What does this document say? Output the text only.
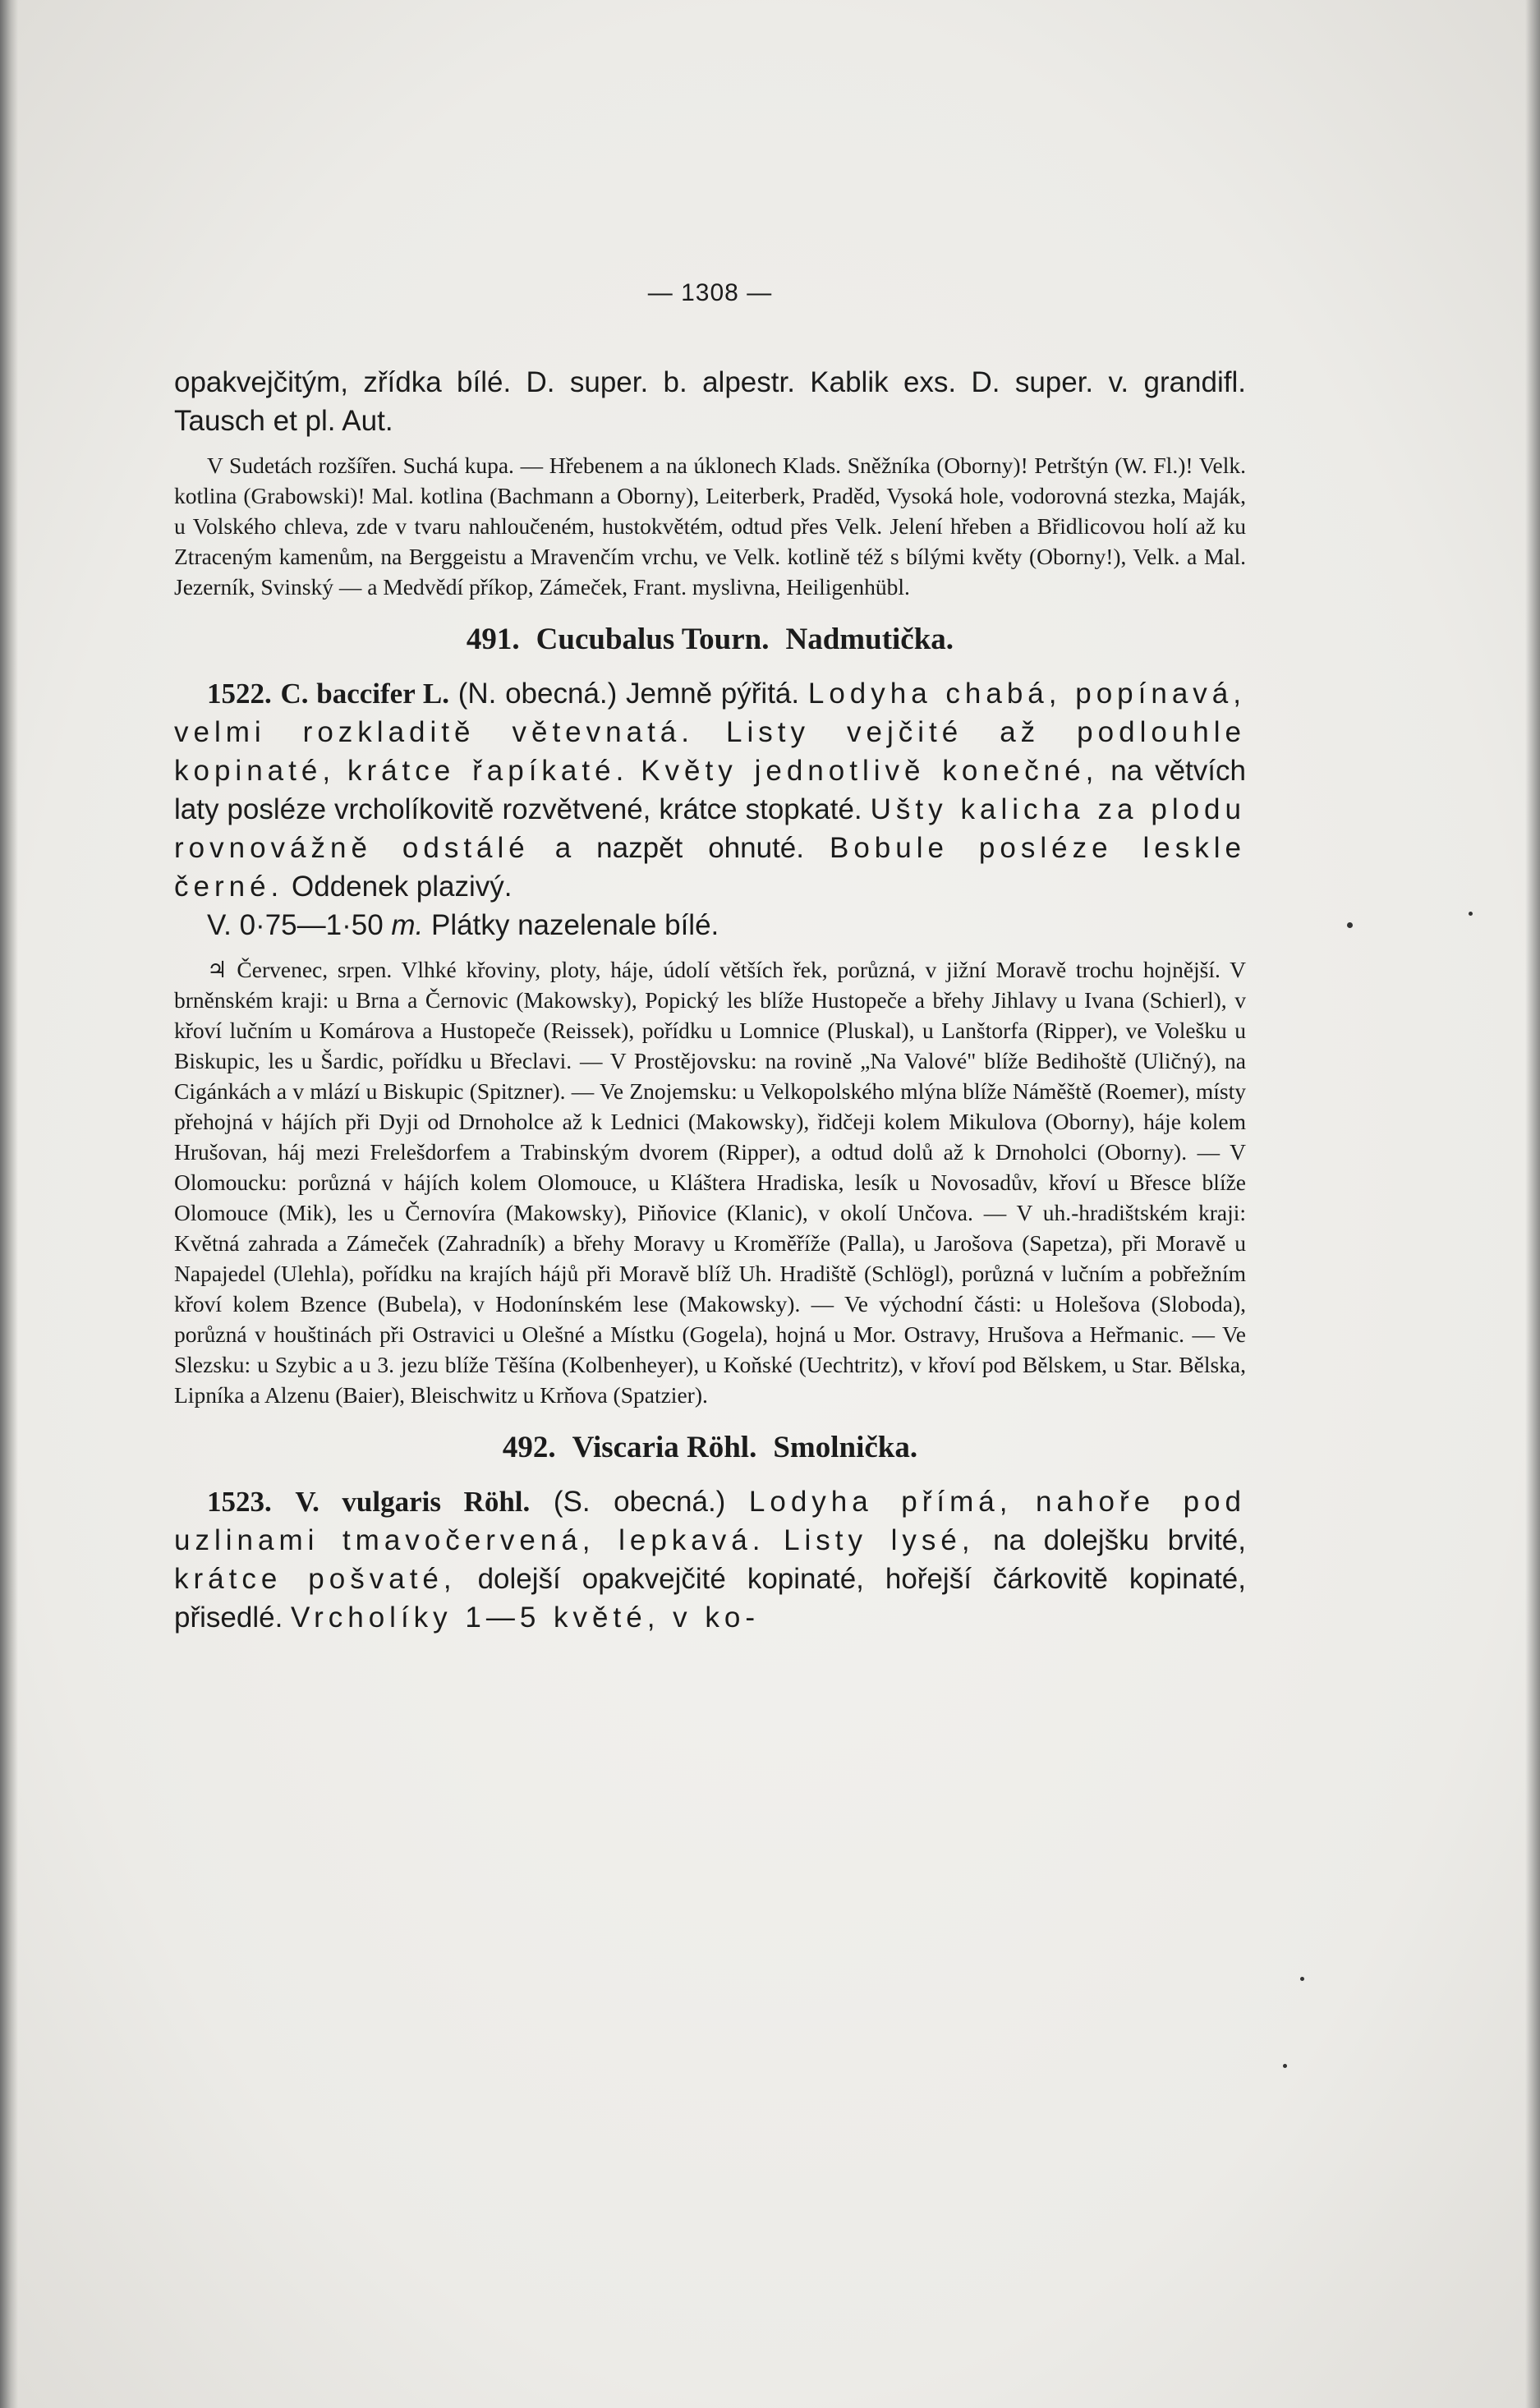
— 1308 —

opakvejčitým, zřídka bílé. D. super. b. alpestr. Kablik exs. D. super. v. grandifl. Tausch et pl. Aut.

V Sudetách rozšířen. Suchá kupa. — Hřebenem a na úklonech Klads. Sněžníka (Oborny)! Petrštýn (W. Fl.)! Velk. kotlina (Grabowski)! Mal. kotlina (Bachmann a Oborny), Leiterberk, Praděd, Vysoká hole, vodorovná stezka, Maják, u Volského chleva, zde v tvaru nahloučeném, hustokvětém, odtud přes Velk. Jelení hřeben a Břidlicovou holí až ku Ztraceným kamenům, na Berggeistu a Mravenčím vrchu, ve Velk. kotlině též s bílými květy (Oborny!), Velk. a Mal. Jezerník, Svinský — a Medvědí příkop, Zámeček, Frant. myslivna, Heiligenhübl.

491. Cucubalus Tourn. Nadmutička.

1522. C. baccifer L. (N. obecná.) Jemně pýřitá. Lodyha chabá, popínavá, velmi rozkladitě větevnatá. Listy vejčité až podlouhle kopinaté, krátce řapíkaté. Květy jednotlivě konečné, na větvích laty posléze vrcholíkovitě rozvětvené, krátce stopkaté. Ušty kalicha za plodu rovnovážně odstálé a nazpět ohnuté. Bobule posléze leskle černé. Oddenek plazivý.

V. 0·75—1·50 m. Plátky nazelenale bílé.

♃ Červenec, srpen. Vlhké křoviny, ploty, háje, údolí větších řek, porůzná, v jižní Moravě trochu hojnější. V brněnském kraji: u Brna a Černovic (Makowsky), Popický les blíže Hustopeče a břehy Jihlavy u Ivana (Schierl), v křoví lučním u Komárova a Hustopeče (Reissek), pořídku u Lomnice (Pluskal), u Lanštorfa (Ripper), ve Volešku u Biskupic, les u Šardic, pořídku u Břeclavi. — V Prostějovsku: na rovině „Na Valové" blíže Bedihoště (Uličný), na Cigánkách a v mlází u Biskupic (Spitzner). — Ve Znojemsku: u Velkopolského mlýna blíže Náměště (Roemer), místy přehojná v hájích při Dyji od Drnoholce až k Lednici (Makowsky), řidčeji kolem Mikulova (Oborny), háje kolem Hrušovan, háj mezi Frelešdorfem a Trabinským dvorem (Ripper), a odtud dolů až k Drnoholci (Oborny). — V Olomoucku: porůzná v hájích kolem Olomouce, u Kláštera Hradiska, lesík u Novosadův, křoví u Břesce blíže Olomouce (Mik), les u Černovíra (Makowsky), Piňovice (Klanic), v okolí Unčova. — V uh.-hradištském kraji: Květná zahrada a Zámeček (Zahradník) a břehy Moravy u Kroměříže (Palla), u Jarošova (Sapetza), při Moravě u Napajedel (Ulehla), pořídku na krajích hájů při Moravě blíž Uh. Hradiště (Schlögl), porůzná v lučním a pobřežním křoví kolem Bzence (Bubela), v Hodonínském lese (Makowsky). — Ve východní části: u Holešova (Sloboda), porůzná v houštinách při Ostravici u Olešné a Místku (Gogela), hojná u Mor. Ostravy, Hrušova a Heřmanic. — Ve Slezsku: u Szybic a u 3. jezu blíže Těšína (Kolbenheyer), u Koňské (Uechtritz), v křoví pod Bělskem, u Star. Bělska, Lipníka a Alzenu (Baier), Bleischwitz u Krňova (Spatzier).

492. Viscaria Röhl. Smolnička.

1523. V. vulgaris Röhl. (S. obecná.) Lodyha přímá, nahoře pod uzlinami tmavočervená, lepkavá. Listy lysé, na dolejšku brvité, krátce pošvaté, dolejší opakvejčité kopinaté, hořejší čárkovitě kopinaté, přisedlé. Vrcholíky 1—5 květé, v ko-
